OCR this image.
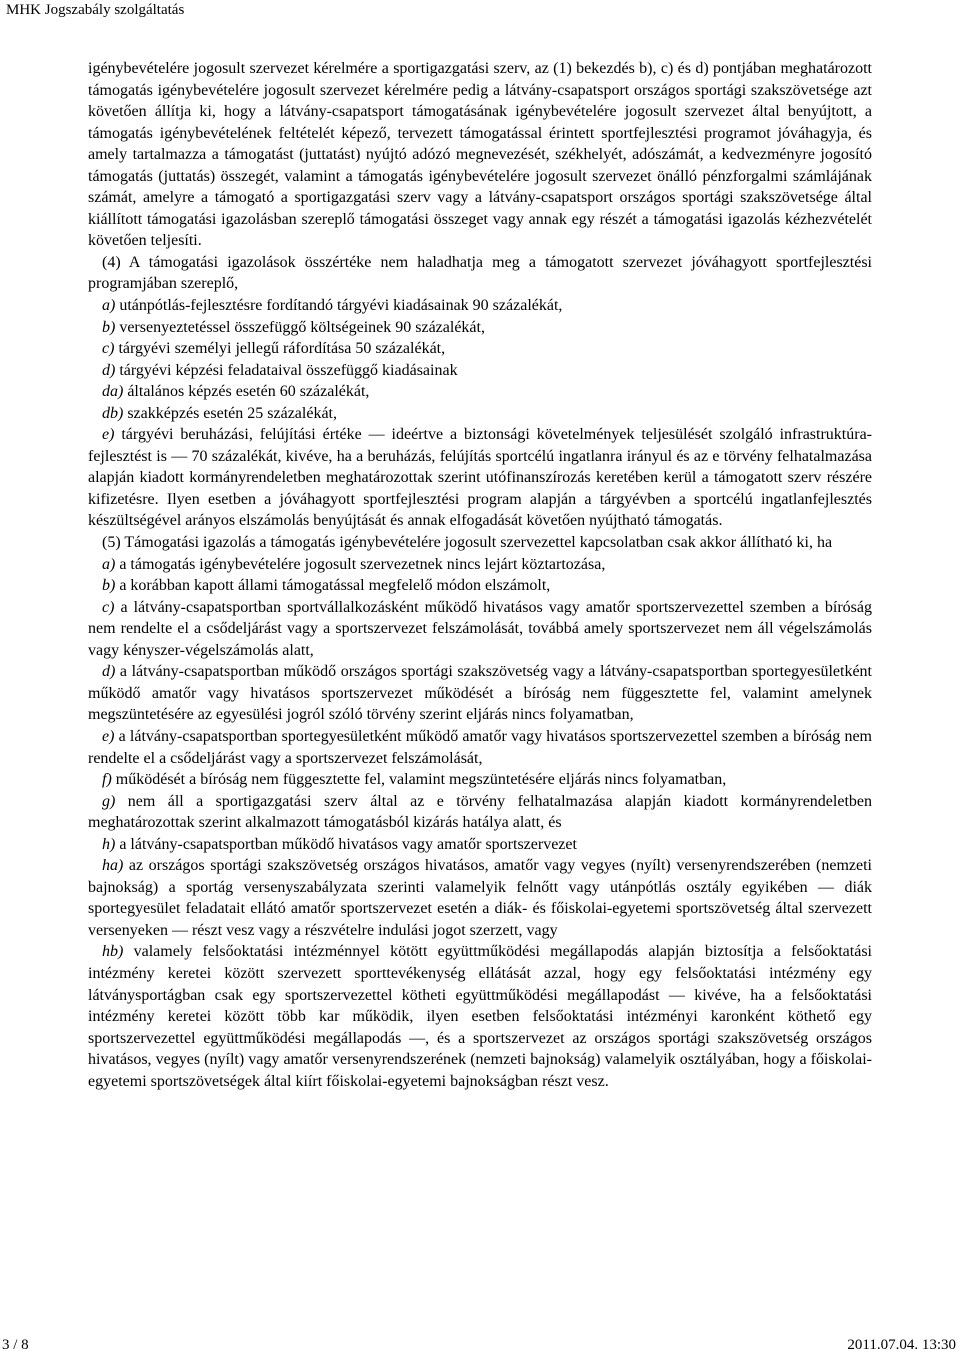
MHK Jogszabály szolgáltatás

igénybevételére jogosult szervezet kérelmére a sportigazgatási szerv, az (1) bekezdés b), c) és d) pontjában meghatározott támogatás igénybevételére jogosult szervezet kérelmére pedig a látvány-csapatsport országos sportági szakszövetsége azt követően állítja ki, hogy a látvány-csapatsport támogatásának igénybevételére jogosult szervezet által benyújtott, a támogatás igénybevételének feltételét képező, tervezett támogatással érintett sportfejlesztési programot jóváhagyja, és amely tartalmazza a támogatást (juttatást) nyújtó adózó megnevezését, székhelyét, adószámát, a kedvezményre jogosító támogatás (juttatás) összegét, valamint a támogatás igénybevételére jogosult szervezet önálló pénzforgalmi számlájának számát, amelyre a támogató a sportigazgatási szerv vagy a látvány-csapatsport országos sportági szakszövetsége által kiállított támogatási igazolásban szereplő támogatási összeget vagy annak egy részét a támogatási igazolás kézhezvételét követően teljesíti.

(4) A támogatási igazolások összértéke nem haladhatja meg a támogatott szervezet jóváhagyott sportfejlesztési programjában szereplő,

a) utánpótlás-fejlesztésre fordítandó tárgyévi kiadásainak 90 százalékát,

b) versenyeztetéssel összefüggő költségeinek 90 százalékát,

c) tárgyévi személyi jellegű ráfordítása 50 százalékát,

d) tárgyévi képzési feladataival összefüggő kiadásainak

da) általános képzés esetén 60 százalékát,

db) szakképzés esetén 25 százalékát,

e) tárgyévi beruházási, felújítási értéke — ideértve a biztonsági követelmények teljesülését szolgáló infrastruktúra-fejlesztést is — 70 százalékát, kivéve, ha a beruházás, felújítás sportcélú ingatlanra irányul és az e törvény felhatalmazása alapján kiadott kormányrendeletben meghatározottak szerint utófinanszírozás keretében kerül a támogatott szerv részére kifizetésre. Ilyen esetben a jóváhagyott sportfejlesztési program alapján a tárgyévben a sportcélú ingatlanfejlesztés készültségével arányos elszámolás benyújtását és annak elfogadását követően nyújtható támogatás.

(5) Támogatási igazolás a támogatás igénybevételére jogosult szervezettel kapcsolatban csak akkor állítható ki, ha

a) a támogatás igénybevételére jogosult szervezetnek nincs lejárt köztartozása,

b) a korábban kapott állami támogatással megfelelő módon elszámolt,

c) a látvány-csapatsportban sportvállalkozásként működő hivatásos vagy amatőr sportszervezettel szemben a bíróság nem rendelte el a csődeljárást vagy a sportszervezet felszámolását, továbbá amely sportszervezet nem áll végelszámolás vagy kényszer-végelszámolás alatt,

d) a látvány-csapatsportban működő országos sportági szakszövetség vagy a látvány-csapatsportban sportegyesületként működő amatőr vagy hivatásos sportszervezet működését a bíróság nem függesztette fel, valamint amelynek megszüntetésére az egyesülési jogról szóló törvény szerint eljárás nincs folyamatban,

e) a látvány-csapatsportban sportegyesületként működő amatőr vagy hivatásos sportszervezettel szemben a bíróság nem rendelte el a csődeljárást vagy a sportszervezet felszámolását,

f) működését a bíróság nem függesztette fel, valamint megszüntetésére eljárás nincs folyamatban,

g) nem áll a sportigazgatási szerv által az e törvény felhatalmazása alapján kiadott kormányrendeletben meghatározottak szerint alkalmazott támogatásból kizárás hatálya alatt, és

h) a látvány-csapatsportban működő hivatásos vagy amatőr sportszervezet

ha) az országos sportági szakszövetség országos hivatásos, amatőr vagy vegyes (nyílt) versenyrendszerében (nemzeti bajnokság) a sportág versenyszabályzata szerinti valamelyik felnőtt vagy utánpótlás osztály egyikében — diák sportegyesület feladatait ellátó amatőr sportszervezet esetén a diák- és főiskolai-egyetemi sportszövetség által szervezett versenyeken — részt vesz vagy a részvételre indulási jogot szerzett, vagy

hb) valamely felsőoktatási intézménnyel kötött együttműködési megállapodás alapján biztosítja a felsőoktatási intézmény keretei között szervezett sporttevékenység ellátását azzal, hogy egy felsőoktatási intézmény egy látványsportágban csak egy sportszervezettel kötheti együttműködési megállapodást — kivéve, ha a felsőoktatási intézmény keretei között több kar működik, ilyen esetben felsőoktatási intézményi karonként köthető egy sportszervezettel együttműködési megállapodás —, és a sportszervezet az országos sportági szakszövetség országos hivatásos, vegyes (nyílt) vagy amatőr versenyrendszerének (nemzeti bajnokság) valamelyik osztályában, hogy a főiskolai-egyetemi sportszövetségek által kiírt főiskolai-egyetemi bajnokságban részt vesz.

3 / 8	2011.07.04. 13:30
